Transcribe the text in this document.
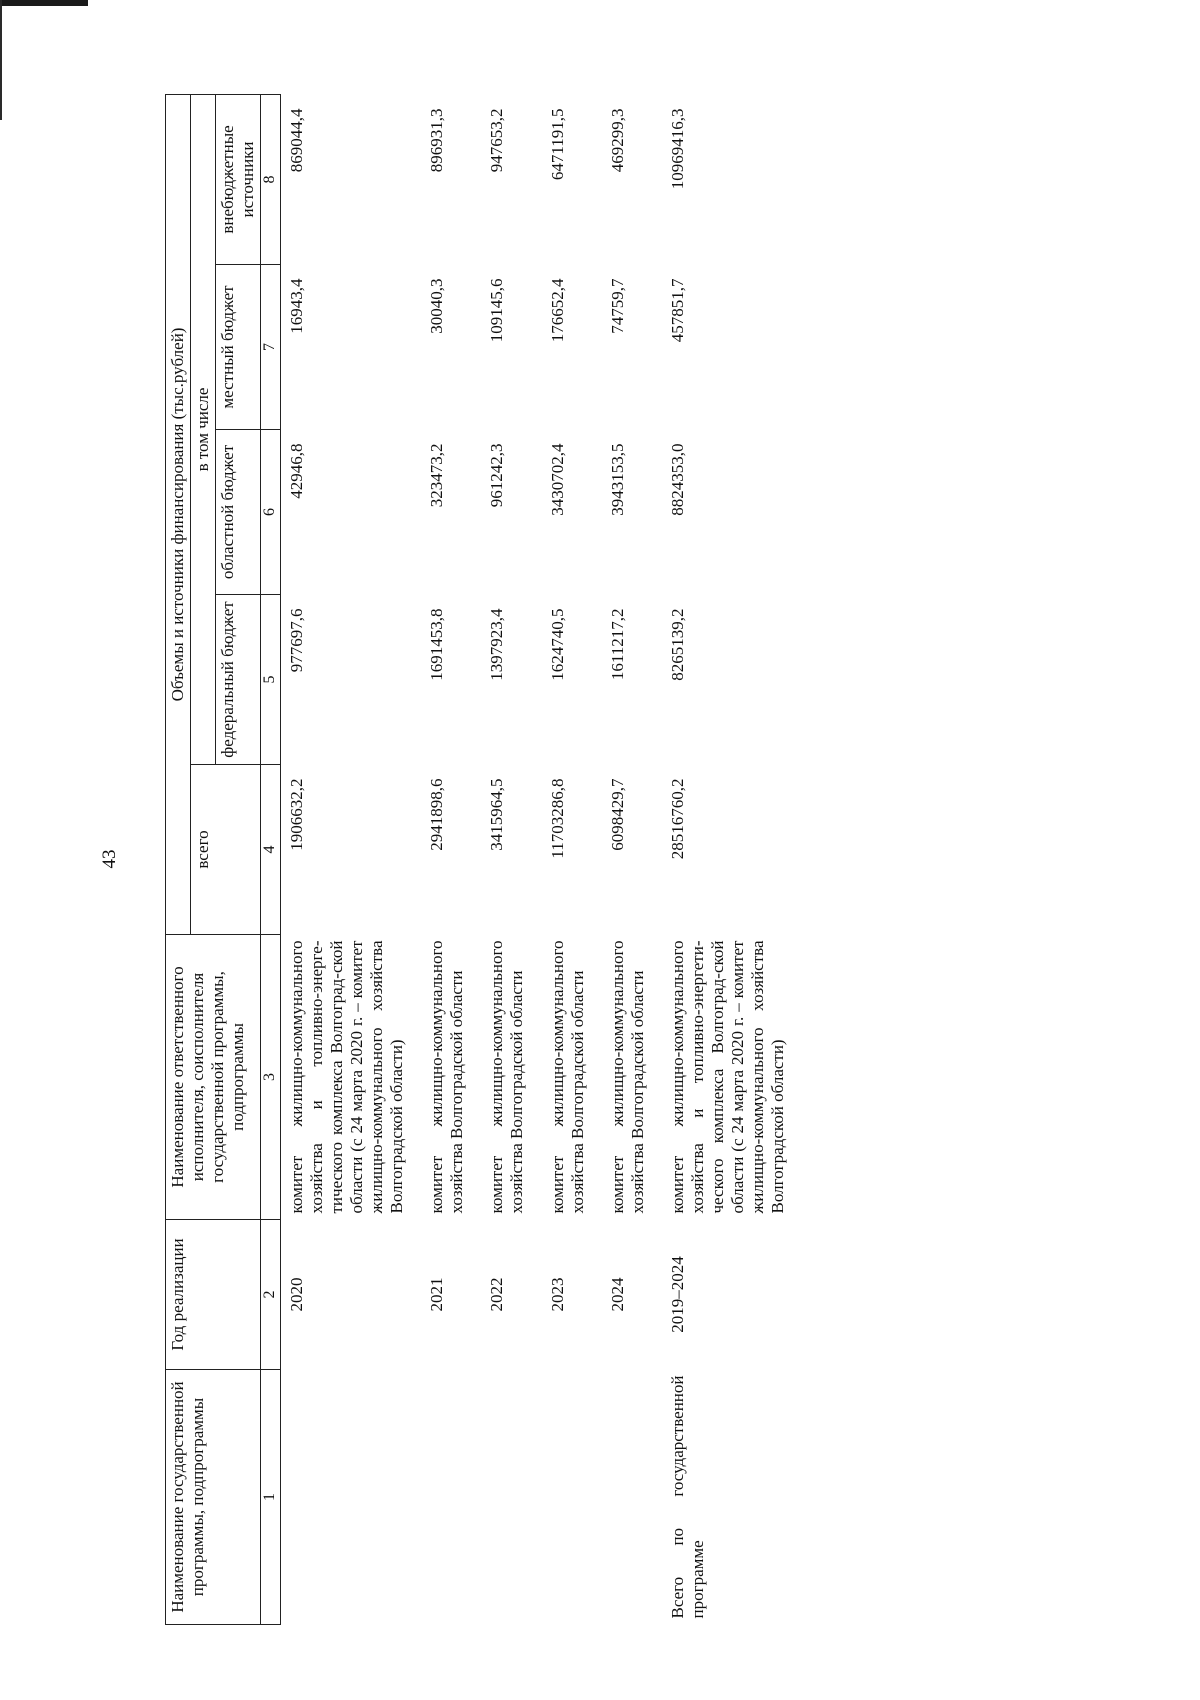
43
Наименование государственной программы, подпрограммы	Год реализации	Наименование ответственного исполнителя, соисполнителя государственной программы, подпрограммы	Объемы и источники финансирования (тыс.рублей)				
			всего	в том числе			
				федеральный бюджет	областной бюджет	местный бюджет	внебюджетные источники
1	2	3	4	5	6	7	8
	2020	комитет жилищно-коммунального хозяйства и топливно-энерге-тического комплекса Волгоград-ской области (с 24 марта 2020 г. – комитет жилищно-коммунального хозяйства Волгоградской области)	1906632,2	977697,6	42946,8	16943,4	869044,4
	2021	комитет жилищно-коммунального хозяйства Волгоградской области	2941898,6	1691453,8	323473,2	30040,3	896931,3
	2022	комитет жилищно-коммунального хозяйства Волгоградской области	3415964,5	1397923,4	961242,3	109145,6	947653,2
	2023	комитет жилищно-коммунального хозяйства Волгоградской области	11703286,8	1624740,5	3430702,4	176652,4	6471191,5
	2024	комитет жилищно-коммунального хозяйства Волгоградской области	6098429,7	1611217,2	3943153,5	74759,7	469299,3
Всего по государственной программе	2019–2024	комитет жилищно-коммунального хозяйства и топливно-энергети-ческого комплекса Волгоград-ской области (с 24 марта 2020 г. – комитет жилищно-коммунального хозяйства Волгоградской области)	28516760,2	8265139,2	8824353,0	457851,7	10969416,3
